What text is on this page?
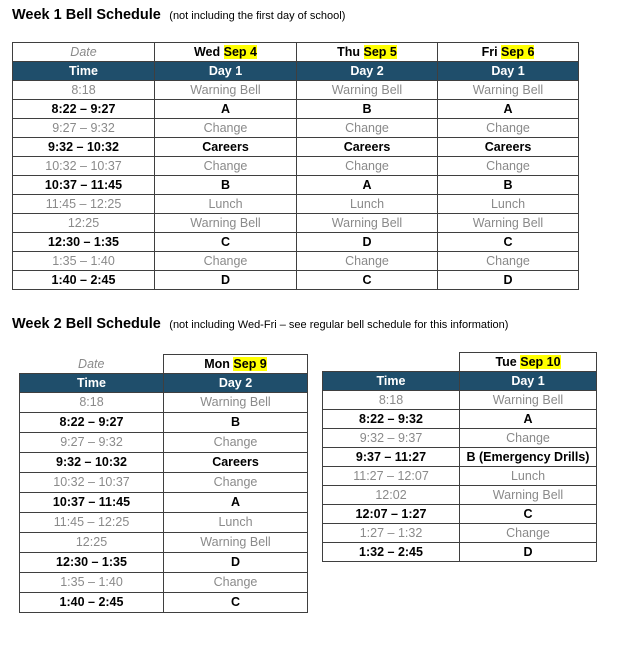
Week 1 Bell Schedule (not including the first day of school)
Date	Wed Sep 4	Thu Sep 5	Fri Sep 6
Time	Day 1	Day 2	Day 1
8:18	Warning Bell	Warning Bell	Warning Bell
8:22 – 9:27	A	B	A
9:27 – 9:32	Change	Change	Change
9:32 – 10:32	Careers	Careers	Careers
10:32 – 10:37	Change	Change	Change
10:37 – 11:45	B	A	B
11:45 – 12:25	Lunch	Lunch	Lunch
12:25	Warning Bell	Warning Bell	Warning Bell
12:30 – 1:35	C	D	C
1:35 – 1:40	Change	Change	Change
1:40 – 2:45	D	C	D
Week 2 Bell Schedule (not including Wed-Fri – see regular bell schedule for this information)
Date	Mon Sep 9
Time	Day 2
8:18	Warning Bell
8:22 – 9:27	B
9:27 – 9:32	Change
9:32 – 10:32	Careers
10:32 – 10:37	Change
10:37 – 11:45	A
11:45 – 12:25	Lunch
12:25	Warning Bell
12:30 – 1:35	D
1:35 – 1:40	Change
1:40 – 2:45	C
	Tue Sep 10
Time	Day 1
8:18	Warning Bell
8:22 – 9:32	A
9:32 – 9:37	Change
9:37 – 11:27	B (Emergency Drills)
11:27 – 12:07	Lunch
12:02	Warning Bell
12:07 – 1:27	C
1:27 – 1:32	Change
1:32 – 2:45	D
